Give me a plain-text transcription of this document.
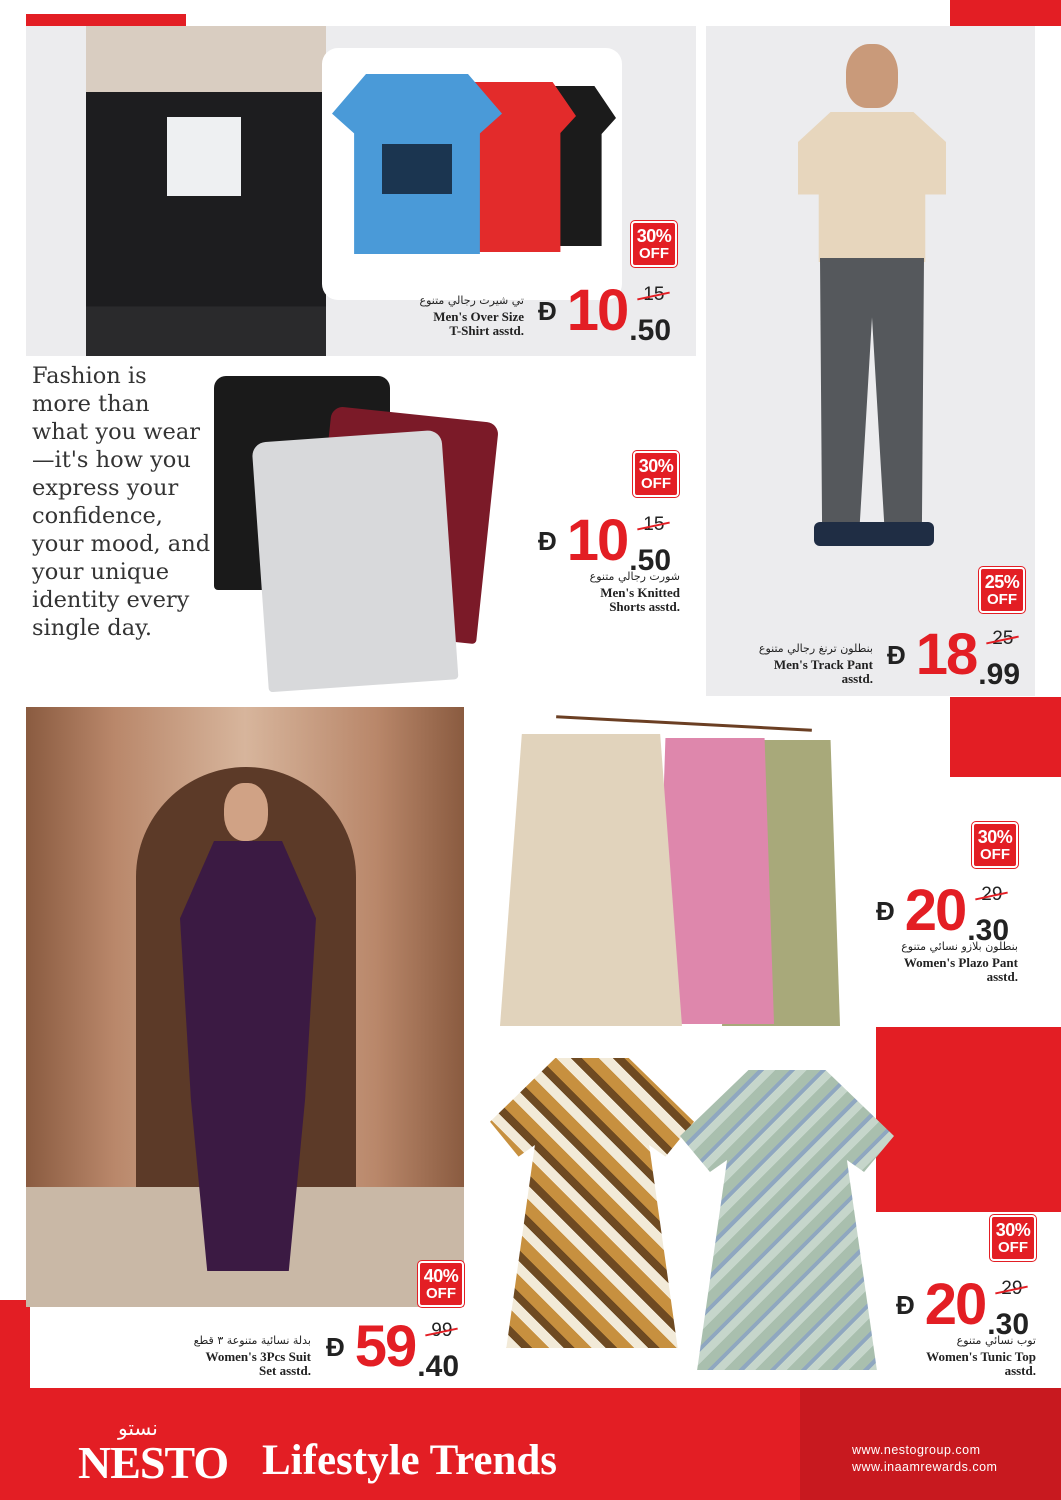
30%
OFF
تي شيرت رجالي متنوع
Men's Over Size
T-Shirt asstd.
Đ 10 15
.50
25%
OFF
بنطلون ترنغ رجالي متنوع
Men's Track Pant
asstd.
Đ 18 25
.99
Fashion is more than what you wear—it's how you express your confidence, your mood, and your unique identity every single day.
30%
OFF
Đ 10 15
.50
شورت رجالي متنوع
Men's Knitted
Shorts asstd.
40%
OFF
بدلة نسائية متنوعة ٣ قطع
Women's 3Pcs Suit
Set asstd.
Đ 59 99
.40
30%
OFF
Đ 20 29
.30
بنطلون بلازو نسائي متنوع
Women's Plazo Pant
asstd.
30%
OFF
Đ 20 29
.30
توب نسائي متنوع
Women's Tunic Top
asstd.
نستو
NESTO Lifestyle Trends	www.nestogroup.com
www.inaamrewards.com
